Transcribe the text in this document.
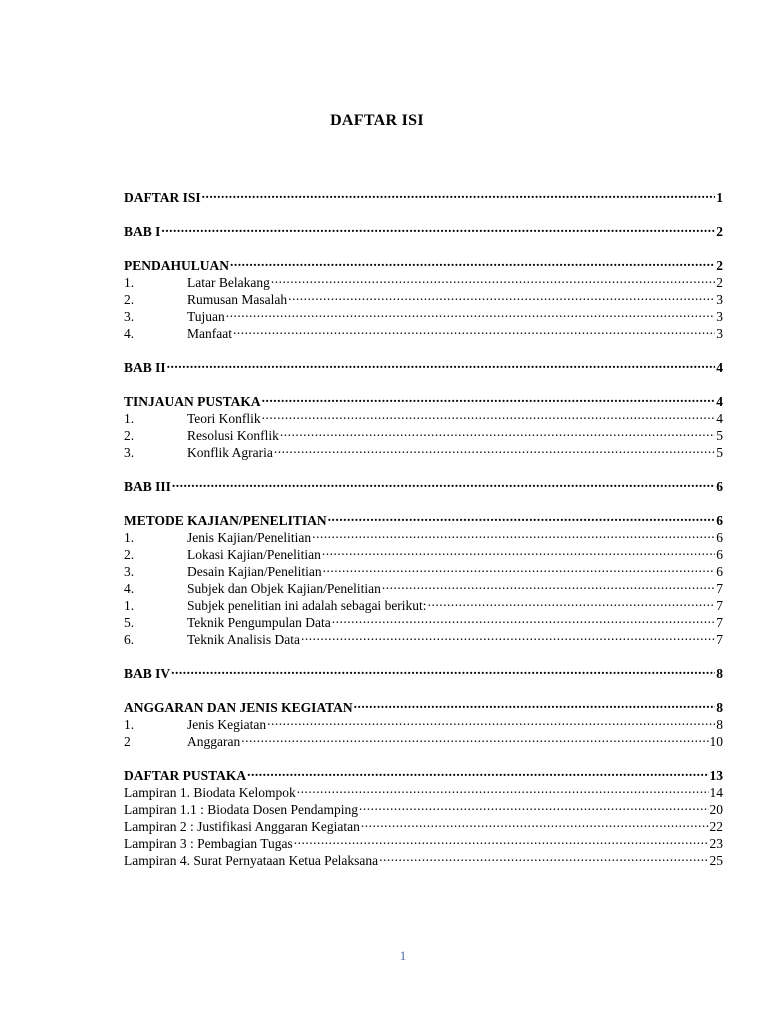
DAFTAR ISI
DAFTAR ISI .....	1
BAB I .....	2
PENDAHULUAN .....	2
1.	Latar Belakang .....	2
2.	Rumusan Masalah .....	3
3.	Tujuan .....	3
4.	Manfaat .....	3
BAB II .....	4
TINJAUAN PUSTAKA .....	4
1.	Teori Konflik .....	4
2.	Resolusi Konflik .....	5
3.	Konflik Agraria .....	5
BAB III .....	6
METODE KAJIAN/PENELITIAN .....	6
1.	Jenis Kajian/Penelitian .....	6
2.	Lokasi Kajian/Penelitian .....	6
3.	Desain Kajian/Penelitian .....	6
4.	Subjek dan Objek Kajian/Penelitian .....	7
1.	Subjek penelitian ini adalah sebagai berikut: .....	7
5.	Teknik Pengumpulan Data .....	7
6.	Teknik Analisis Data .....	7
BAB IV .....	8
ANGGARAN DAN JENIS KEGIATAN .....	8
1.	Jenis Kegiatan .....	8
2	Anggaran .....	10
DAFTAR PUSTAKA .....	13
Lampiran 1. Biodata Kelompok .....	14
Lampiran 1.1 : Biodata Dosen Pendamping .....	20
Lampiran 2 : Justifikasi Anggaran Kegiatan .....	22
Lampiran 3 : Pembagian Tugas .....	23
Lampiran 4. Surat Pernyataan Ketua Pelaksana .....	25
1
